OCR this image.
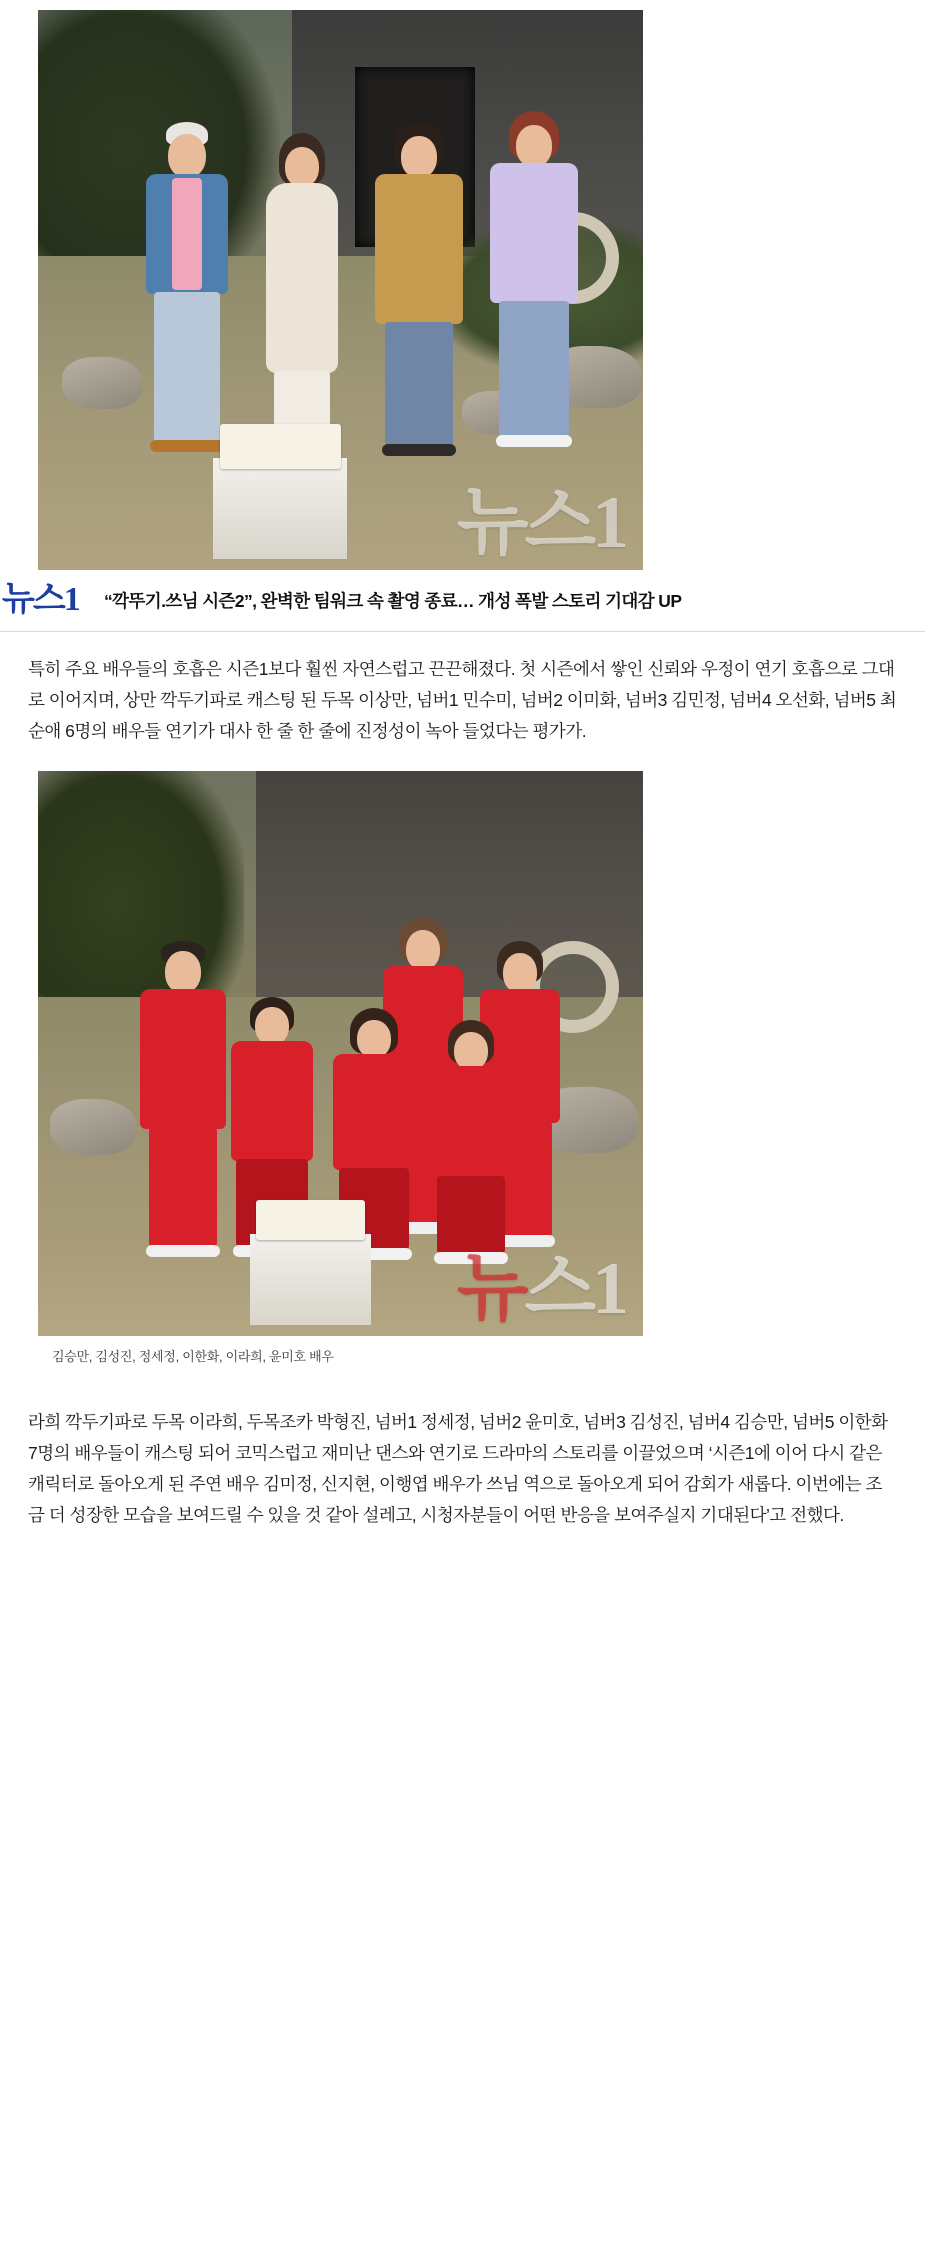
뉴스1
뉴스1	“깍뚜기.쓰님 시즌2”, 완벽한 팀워크 속 촬영 종료… 개성 폭발 스토리 기대감 UP

특히 주요 배우들의 호흡은 시즌1보다 훨씬 자연스럽고 끈끈해졌다. 첫 시즌에서 쌓인 신뢰와 우정이 연기 호흡으로 그대로 이어지며, 상만 깍두기파로 캐스팅 된 두목 이상만, 넘버1 민수미, 넘버2 이미화, 넘버3 김민정, 넘버4 오선화, 넘버5 최순애 6명의 배우들 연기가 대사 한 줄 한 줄에 진정성이 녹아 들었다는 평가가.

뉴스1
김승만, 김성진, 정세정, 이한화, 이라희, 윤미호 배우

라희 깍두기파로 두목 이라희, 두목조카 박형진, 넘버1 정세정, 넘버2 윤미호, 넘버3 김성진, 넘버4 김승만, 넘버5 이한화 7명의 배우들이 캐스팅 되어 코믹스럽고 재미난 댄스와 연기로 드라마의 스토리를 이끌었으며 ‘시즌1에 이어 다시 같은 캐릭터로 돌아오게 된 주연 배우 김미정, 신지현, 이행엽 배우가 쓰님 역으로 돌아오게 되어 감회가 새롭다. 이번에는 조금 더 성장한 모습을 보여드릴 수 있을 것 같아 설레고, 시청자분들이 어떤 반응을 보여주실지 기대된다’고 전했다.
